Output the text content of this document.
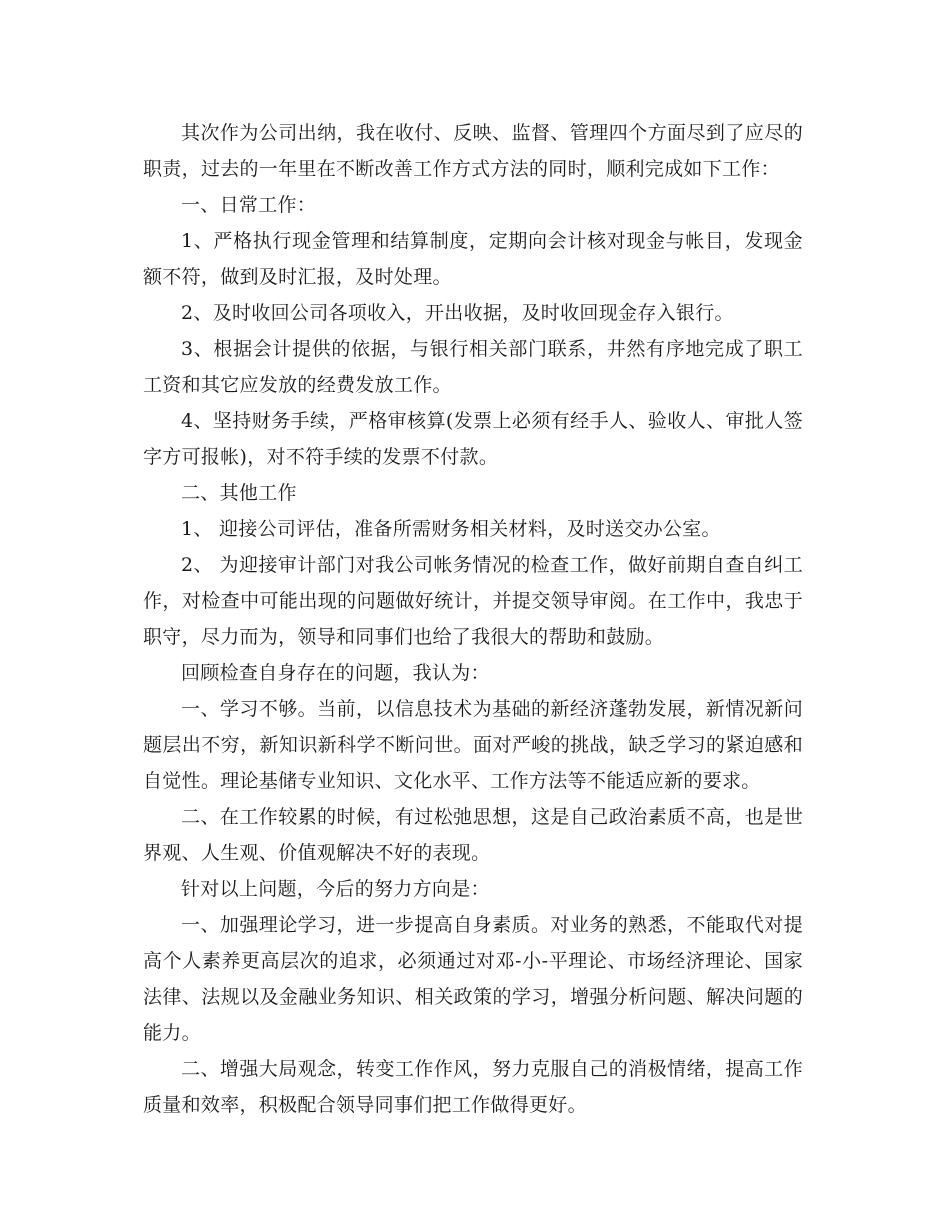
其次作为公司出纳，我在收付、反映、监督、管理四个方面尽到了应尽的职责，过去的一年里在不断改善工作方式方法的同时，顺利完成如下工作：

一、日常工作：

1、严格执行现金管理和结算制度，定期向会计核对现金与帐目，发现金额不符，做到及时汇报，及时处理。

2、及时收回公司各项收入，开出收据，及时收回现金存入银行。

3、根据会计提供的依据，与银行相关部门联系，井然有序地完成了职工工资和其它应发放的经费发放工作。

4、坚持财务手续，严格审核算(发票上必须有经手人、验收人、审批人签字方可报帐)，对不符手续的发票不付款。

二、其他工作

1、 迎接公司评估，准备所需财务相关材料，及时送交办公室。

2、 为迎接审计部门对我公司帐务情况的检查工作，做好前期自查自纠工作，对检查中可能出现的问题做好统计，并提交领导审阅。在工作中，我忠于职守，尽力而为，领导和同事们也给了我很大的帮助和鼓励。

回顾检查自身存在的问题，我认为：

一、学习不够。当前，以信息技术为基础的新经济蓬勃发展，新情况新问题层出不穷，新知识新科学不断问世。面对严峻的挑战，缺乏学习的紧迫感和自觉性。理论基储专业知识、文化水平、工作方法等不能适应新的要求。

二、在工作较累的时候，有过松弛思想，这是自己政治素质不高，也是世界观、人生观、价值观解决不好的表现。

针对以上问题，今后的努力方向是：

一、加强理论学习，进一步提高自身素质。对业务的熟悉，不能取代对提高个人素养更高层次的追求，必须通过对邓-小-平理论、市场经济理论、国家法律、法规以及金融业务知识、相关政策的学习，增强分析问题、解决问题的能力。

二、增强大局观念，转变工作作风，努力克服自己的消极情绪，提高工作质量和效率，积极配合领导同事们把工作做得更好。
